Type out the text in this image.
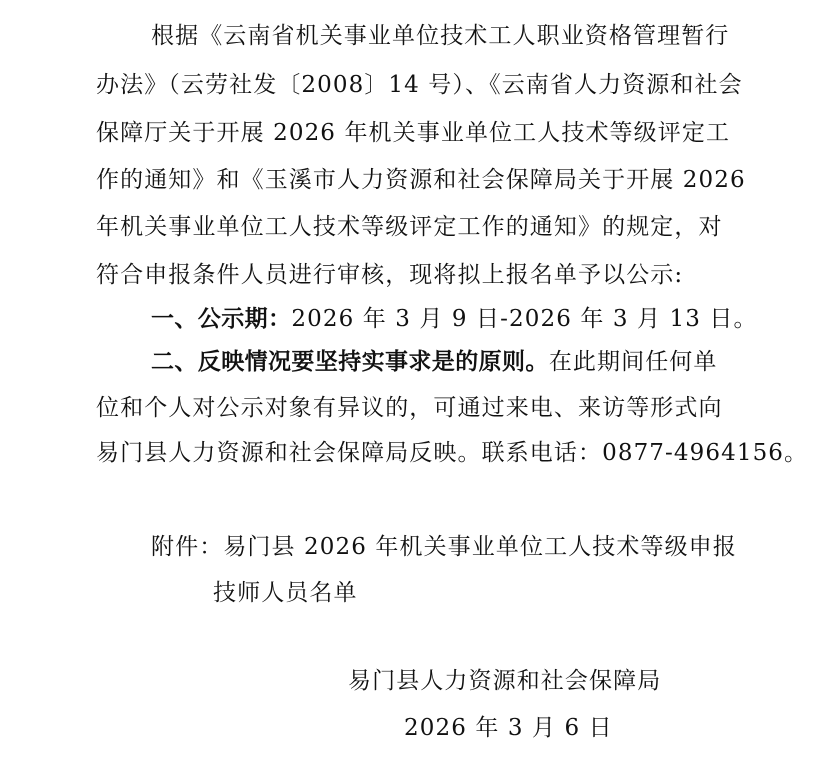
根据《云南省机关事业单位技术工人职业资格管理暂行
办法》（云劳社发〔2008〕14 号）、《云南省人力资源和社会
保障厅关于开展 2026 年机关事业单位工人技术等级评定工
作的通知》和《玉溪市人力资源和社会保障局关于开展 2026
年机关事业单位工人技术等级评定工作的通知》的规定，对
符合申报条件人员进行审核，现将拟上报名单予以公示:
一、公示期：2026 年 3 月 9 日-2026 年 3 月 13 日。
二、反映情况要坚持实事求是的原则。在此期间任何单
位和个人对公示对象有异议的，可通过来电、来访等形式向
易门县人力资源和社会保障局反映。联系电话：0877-4964156。
附件：易门县 2026 年机关事业单位工人技术等级申报
技师人员名单
易门县人力资源和社会保障局
2026 年 3 月 6 日
